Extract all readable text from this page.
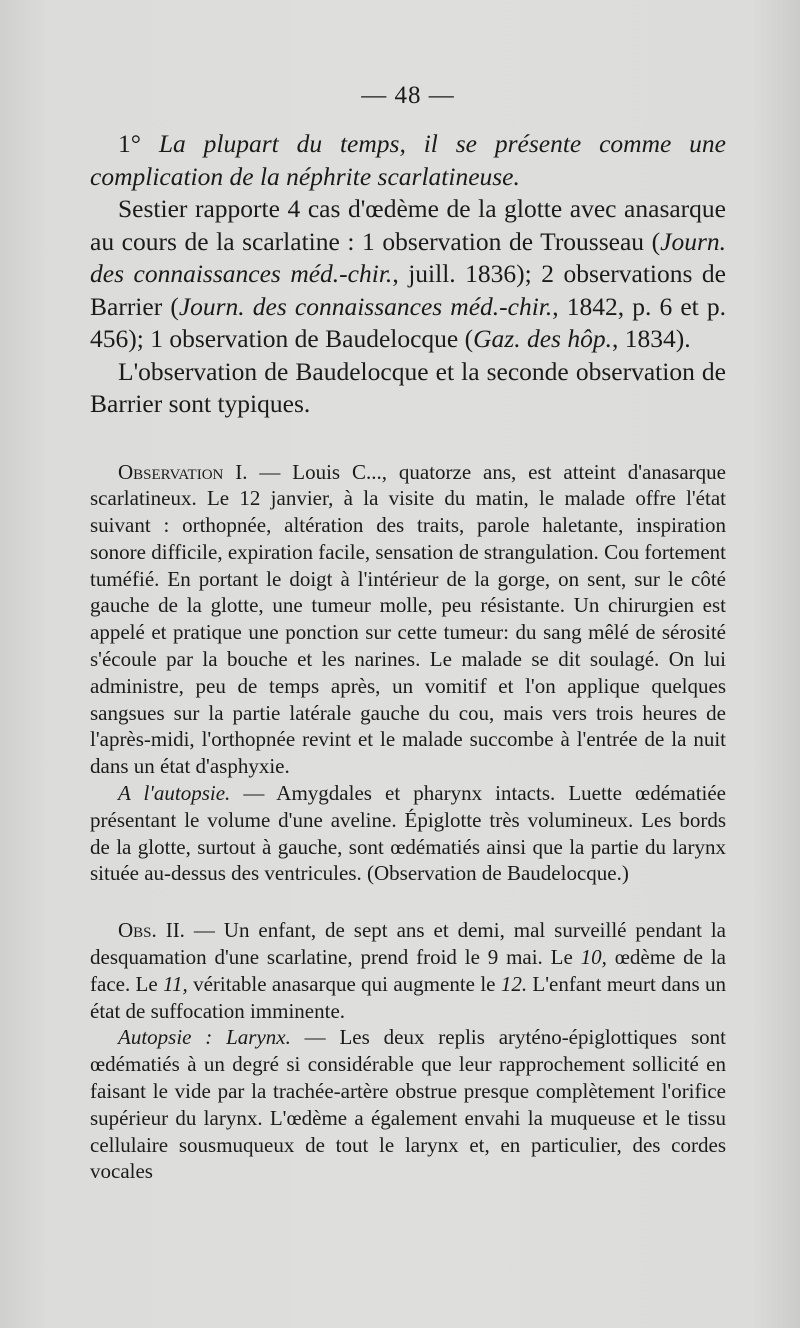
— 48 —

1° La plupart du temps, il se présente comme une complication de la néphrite scarlatineuse.

Sestier rapporte 4 cas d'œdème de la glotte avec anasarque au cours de la scarlatine : 1 observation de Trousseau (Journ. des connaissances méd.-chir., juill. 1836); 2 observations de Barrier (Journ. des connaissances méd.-chir., 1842, p. 6 et p. 456); 1 observation de Baudelocque (Gaz. des hôp., 1834).

L'observation de Baudelocque et la seconde observation de Barrier sont typiques.

Observation I. — Louis C..., quatorze ans, est atteint d'anasarque scarlatineux. Le 12 janvier, à la visite du matin, le malade offre l'état suivant : orthopnée, altération des traits, parole haletante, inspiration sonore difficile, expiration facile, sensation de strangulation. Cou fortement tuméfié. En portant le doigt à l'intérieur de la gorge, on sent, sur le côté gauche de la glotte, une tumeur molle, peu résistante. Un chirurgien est appelé et pratique une ponction sur cette tumeur: du sang mêlé de sérosité s'écoule par la bouche et les narines. Le malade se dit soulagé. On lui administre, peu de temps après, un vomitif et l'on applique quelques sangsues sur la partie latérale gauche du cou, mais vers trois heures de l'après-midi, l'orthopnée revint et le malade succombe à l'entrée de la nuit dans un état d'asphyxie.

A l'autopsie. — Amygdales et pharynx intacts. Luette œdématiée présentant le volume d'une aveline. Épiglotte très volumineux. Les bords de la glotte, surtout à gauche, sont œdématiés ainsi que la partie du larynx située au-dessus des ventricules. (Observation de Baudelocque.)

Obs. II. — Un enfant, de sept ans et demi, mal surveillé pendant la desquamation d'une scarlatine, prend froid le 9 mai. Le 10, œdème de la face. Le 11, véritable anasarque qui augmente le 12. L'enfant meurt dans un état de suffocation imminente.

Autopsie : Larynx. — Les deux replis aryténo-épiglottiques sont œdématiés à un degré si considérable que leur rapprochement sollicité en faisant le vide par la trachée-artère obstrue presque complètement l'orifice supérieur du larynx. L'œdème a également envahi la muqueuse et le tissu cellulaire sousmuqueux de tout le larynx et, en particulier, des cordes vocales
